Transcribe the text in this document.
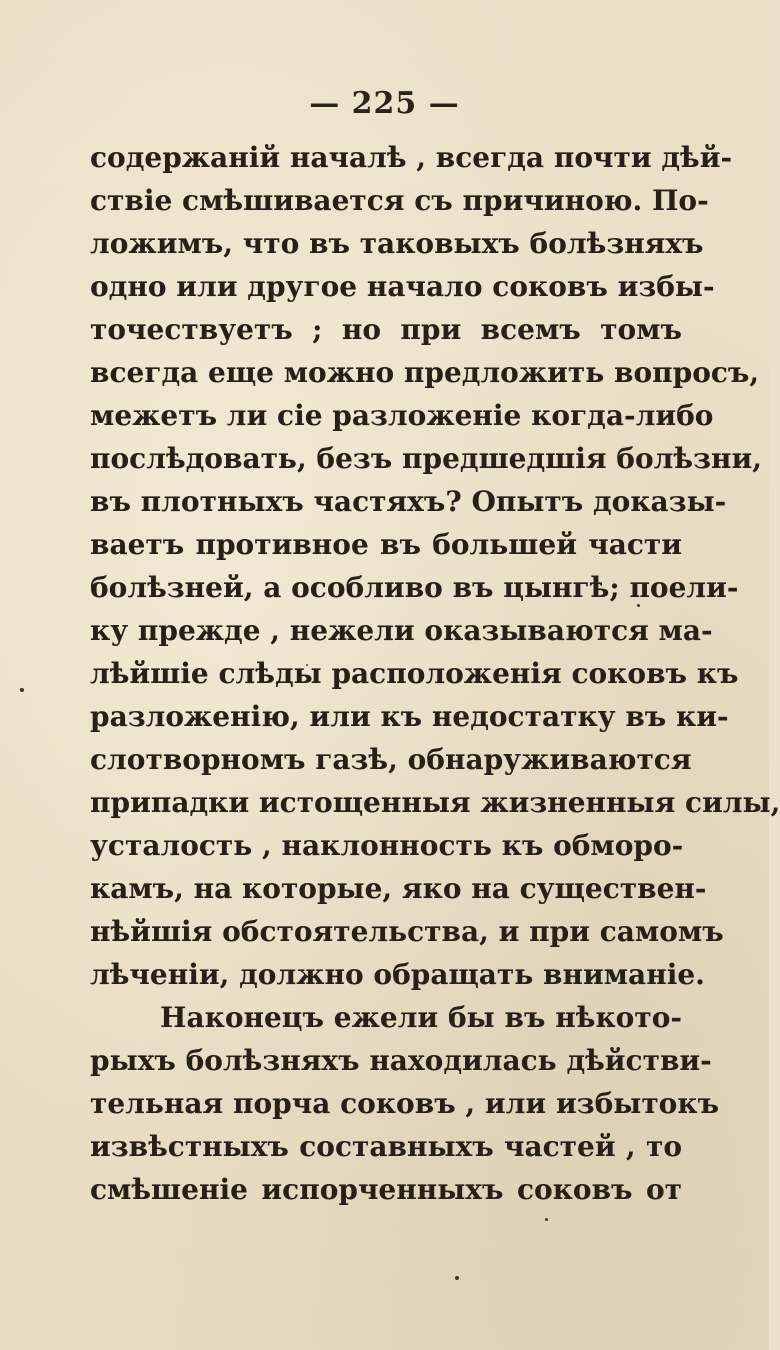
— 225 —
содержаній началѣ , всегда почти дѣй-
ствіе смѣшивается съ причиною. По-
ложимъ, что въ таковыхъ болѣзняхъ
одно или другое начало соковъ избы-
точествуетъ ; но при всемъ томъ
всегда еще можно предложить вопросъ,
межетъ ли сіе разложеніе когда-либо
послѣдовать, безъ предшедшія болѣзни,
въ плотныхъ частяхъ? Опытъ доказы-
ваетъ противное въ большей части
болѣзней, а особливо въ цынгѣ; поели-
ку прежде , нежели оказываются ма-
лѣйшіе слѣды расположенія соковъ къ
разложенію, или къ недостатку въ ки-
слотворномъ газѣ, обнаруживаются
припадки истощенныя жизненныя силы,
усталость , наклонность къ обморо-
камъ, на которые, яко на существен-
нѣйшія обстоятельства, и при самомъ
лѣченіи, должно обращать вниманіе.
Наконецъ ежели бы въ нѣкото-
рыхъ болѣзняхъ находилась дѣйстви-
тельная порча соковъ , или избытокъ
извѣстныхъ составныхъ частей , то
смѣшеніе испорченныхъ соковъ от
